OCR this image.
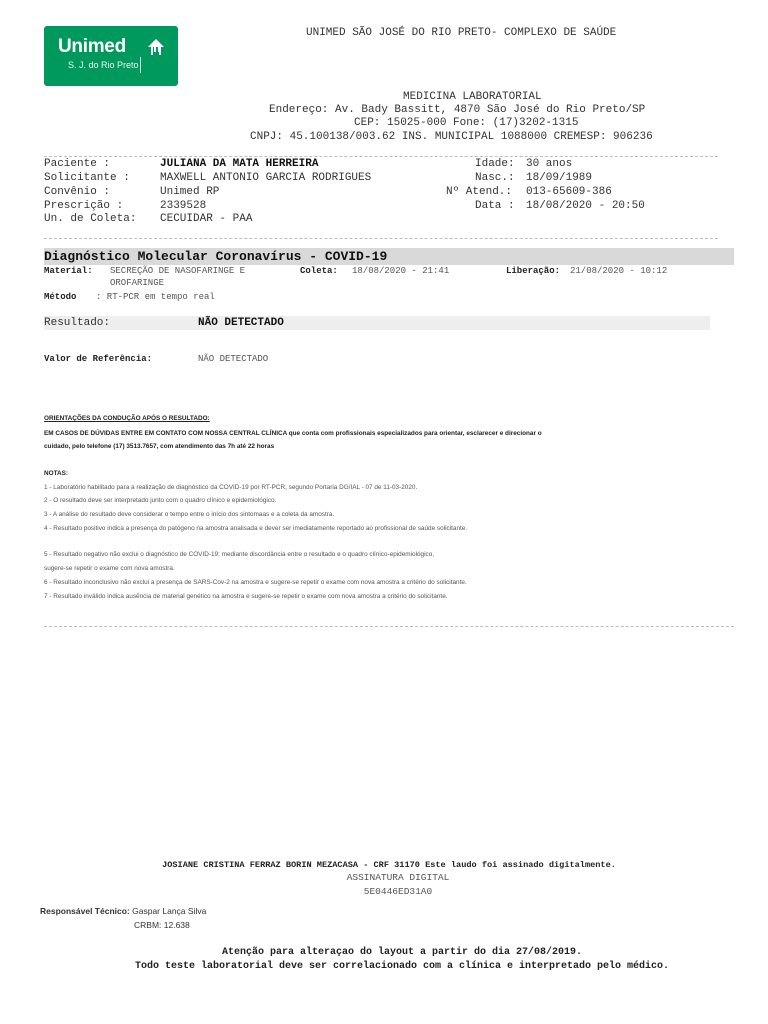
Unimed
S. J. do Rio Preto
UNIMED SÃO JOSÉ DO RIO PRETO- COMPLEXO DE SAÚDE
MEDICINA LABORATORIAL
Endereço: Av. Bady Bassitt, 4870 São José do Rio Preto/SP
CEP: 15025-000 Fone: (17)3202-1315
CNPJ: 45.100138/003.62 INS. MUNICIPAL 1088000 CREMESP: 906236
Paciente :	JULIANA DA MATA HERREIRA
Solicitante :	MAXWELL ANTONIO GARCIA RODRIGUES
Convênio :	Unimed RP
Prescrição :	2339528
Un. de Coleta: CECUIDAR - PAA
Idade: 30 anos
Nasc.: 18/09/1989
Nº Atend.: 013-65609-386
Data : 18/08/2020 - 20:50
Diagnóstico Molecular Coronavírus - COVID-19
Material: SECREÇÃO DE NASOFARINGE E
OROFARINGE
Coleta: 18/08/2020 - 21:41	Liberação: 21/08/2020 - 10:12
Método : RT-PCR em tempo real
Resultado:	NÃO DETECTADO
Valor de Referência:	NÃO DETECTADO
ORIENTAÇÕES DA CONDUÇÃO APÓS O RESULTADO:
EM CASOS DE DÚVIDAS ENTRE EM CONTATO COM NOSSA CENTRAL CLÍNICA que conta com profissionais especializados para orientar, esclarecer e direcionar o
cuidado, pelo telefone (17) 3513.7657, com atendimento das 7h até 22 horas
NOTAS:
1 - Laboratório habilitado para a realização de diagnóstico da COVID-19 por RT-PCR, segundo Portaria DG/IAL - 07 de 11-03-2020.
2 - O resultado deve ser interpretado junto com o quadro clínico e epidemiológico.
3 - A análise do resultado deve considerar o tempo entre o início dos sintomaas e a coleta da amostra.
4 - Resultado positivo indica a presença do patógeno na amostra analisada e dever ser imediatamente reportado ao profissional de saúde solicitante.
5 - Resultado negativo não exclui o diagnóstico de COVID-19; mediante discordância entre o resultado e o quadro clínico-epidemiológico,
sugere-se repetir o exame com nova amostra.
6 - Resultado inconclusivo não exclui a presença de SARS-Cov-2 na amostra e sugere-se repetir o exame com nova amostra a critério do solicitante.
7 - Resultado inválido indica ausência de material genético na amostra e sugere-se repetir o exame com nova amostra a critério do solicitante.
JOSIANE CRISTINA FERRAZ BORIN MEZACASA - CRF 31170 Este laudo foi assinado digitalmente.
ASSINATURA DIGITAL
5E0446ED31A0
Responsável Técnico: Gaspar Lança Silva
CRBM: 12.638
Atenção para alteraçao do layout a partir do dia 27/08/2019.
Todo teste laboratorial deve ser correlacionado com a clínica e interpretado pelo médico.
